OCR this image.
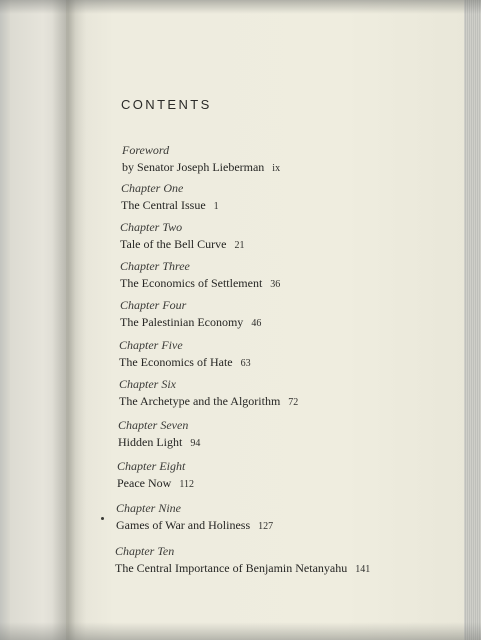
CONTENTS
Foreword
by Senator Joseph Lieberman ix
Chapter One
The Central Issue 1
Chapter Two
Tale of the Bell Curve 21
Chapter Three
The Economics of Settlement 36
Chapter Four
The Palestinian Economy 46
Chapter Five
The Economics of Hate 63
Chapter Six
The Archetype and the Algorithm 72
Chapter Seven
Hidden Light 94
Chapter Eight
Peace Now 112
Chapter Nine
Games of War and Holiness 127
Chapter Ten
The Central Importance of Benjamin Netanyahu 141
